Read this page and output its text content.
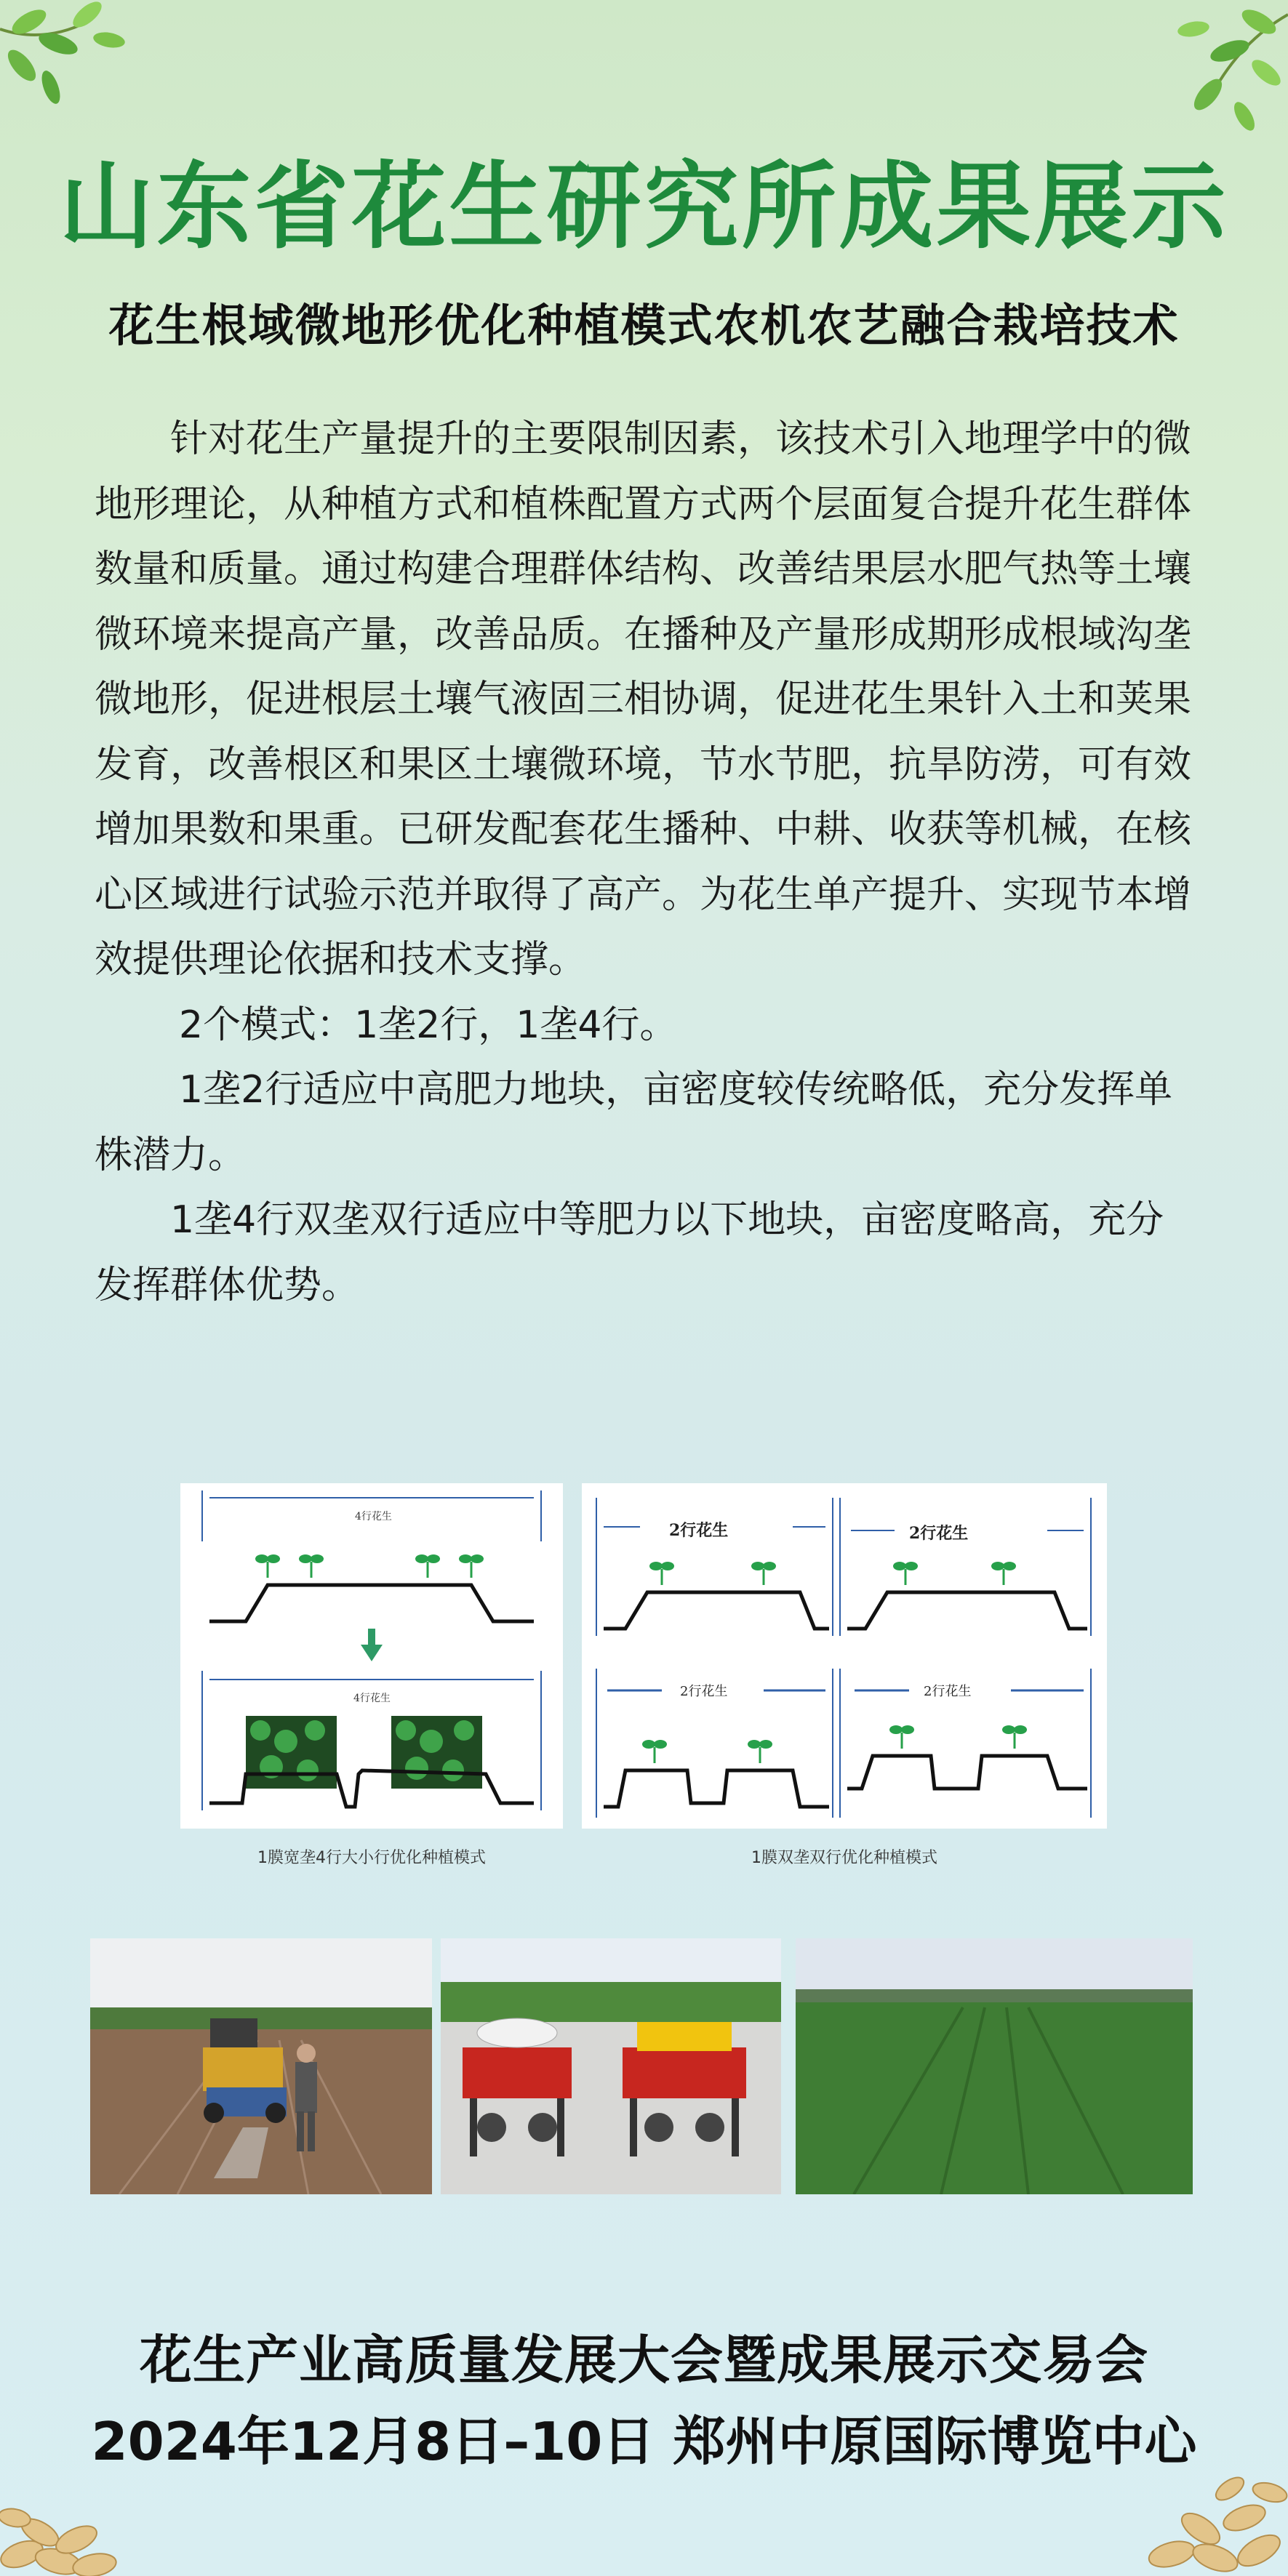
山东省花生研究所成果展示
花生根域微地形优化种植模式农机农艺融合栽培技术

针对花生产量提升的主要限制因素，该技术引入地理学中的微地形理论，从种植方式和植株配置方式两个层面复合提升花生群体数量和质量。通过构建合理群体结构、改善结果层水肥气热等土壤微环境来提高产量，改善品质。在播种及产量形成期形成根域沟垄微地形，促进根层土壤气液固三相协调，促进花生果针入土和荚果发育，改善根区和果区土壤微环境，节水节肥，抗旱防涝，可有效增加果数和果重。已研发配套花生播种、中耕、收获等机械，在核心区域进行试验示范并取得了高产。为花生单产提升、实现节本增效提供理论依据和技术支撑。

2个模式：1垄2行，1垄4行。

1垄2行适应中高肥力地块，亩密度较传统略低，充分发挥单株潜力。

1垄4行双垄双行适应中等肥力以下地块，亩密度略高，充分发挥群体优势。

4行花生
4行花生
1膜宽垄4行大小行优化种植模式
2行花生	2行花生
2行花生	2行花生
1膜双垄双行优化种植模式
花生产业高质量发展大会暨成果展示交易会
2024年12月8日–10日 郑州中原国际博览中心
